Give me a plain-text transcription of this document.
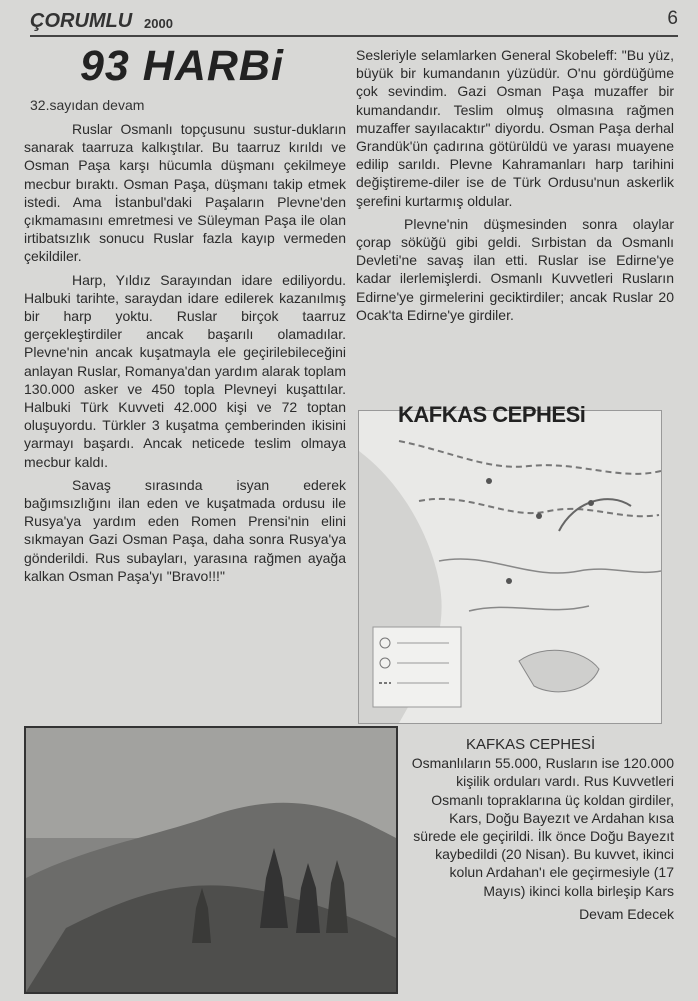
ÇORUMLU 2000	6
93 HARBi
32.sayıdan devam
Ruslar Osmanlı topçusunu sustur-dukların sanarak taarruza kalkıştılar. Bu taarruz kırıldı ve Osman Paşa karşı hücumla düşmanı çekilmeye mecbur bıraktı. Osman Paşa, düşmanı takip etmek istedi. Ama İstanbul'daki Paşaların Plevne'den çıkmamasını emretmesi ve Süleyman Paşa ile olan irtibatsızlık sonucu Ruslar fazla kayıp vermeden çekildiler.
Harp, Yıldız Sarayından idare ediliyordu. Halbuki tarihte, saraydan idare edilerek kazanılmış bir harp yoktu. Ruslar birçok taarruz gerçekleştirdiler ancak başarılı olamadılar. Plevne'nin ancak kuşatmayla ele geçirilebileceğini anlayan Ruslar, Romanya'dan yardım alarak toplam 130.000 asker ve 450 topla Plevneyi kuşattılar. Halbuki Türk Kuvveti 42.000 kişi ve 72 toptan oluşuyordu. Türkler 3 kuşatma çemberinden ikisini yarmayı başardı. Ancak neticede teslim olmaya mecbur kaldı.
Savaş sırasında isyan ederek bağımsızlığını ilan eden ve kuşatmada ordusu ile Rusya'ya yardım eden Romen Prensi'nin elini sıkmayan Gazi Osman Paşa, daha sonra Rusya'ya gönderildi. Rus subayları, yarasına rağmen ayağa kalkan Osman Paşa'yı "Bravo!!!"
Sesleriyle selamlarken General Skobeleff: "Bu yüz, büyük bir kumandanın yüzüdür. O'nu gördüğüme çok sevindim. Gazi Osman Paşa muzaffer bir kumandandır. Teslim olmuş olmasına rağmen muzaffer sayılacaktır" diyordu. Osman Paşa derhal Grandük'ün çadırına götürüldü ve yarası muayene edilip sarıldı. Plevne Kahramanları harp tarihini değiştireme-diler ise de Türk Ordusu'nun askerlik şerefini kurtarmış oldular.
Plevne'nin düşmesinden sonra olaylar çorap söküğü gibi geldi. Sırbistan da Osmanlı Devleti'ne savaş ilan etti. Ruslar ise Edirne'ye kadar ilerlemişlerdi. Osmanlı Kuvvetleri Rusların Edirne'ye girmelerini geciktirdiler; ancak Ruslar 20 Ocak'ta Edirne'ye girdiler.
KAFKAS CEPHESi
KAFKAS CEPHESİ
Osmanlıların 55.000, Rusların ise 120.000 kişilik orduları vardı. Rus Kuvvetleri Osmanlı topraklarına üç koldan girdiler, Kars, Doğu Bayezıt ve Ardahan kısa sürede ele geçirildi. İlk önce Doğu Bayezıt kaybedildi (20 Nisan). Bu kuvvet, ikinci kolun Ardahan'ı ele geçirmesiyle (17 Mayıs) ikinci kolla birleşip Kars
Devam Edecek
